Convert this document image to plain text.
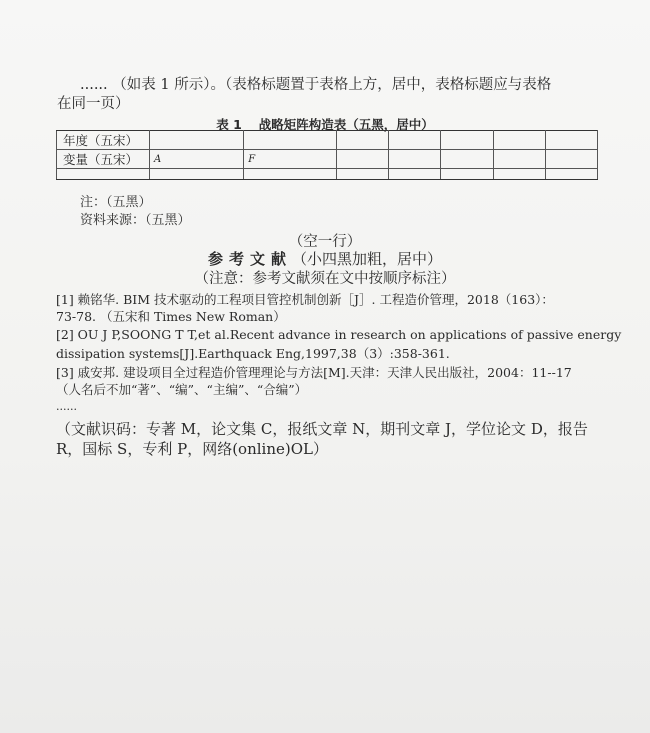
...... （如表 1 所示）。（表格标题置于表格上方，居中，表格标题应与表格
在同一页）
表 1　 战略矩阵构造表（五黑，居中）
年度（五宋）							
变量（五宋）	A	F					

注：（五黑）
资料来源：（五黑）
（空一行）
参考文献（小四黑加粗，居中）
（注意：参考文献须在文中按顺序标注）
[1] 赖铭华. BIM 技术驱动的工程项目管控机制创新［J］. 工程造价管理，2018（163）：
73-78. （五宋和 Times New Roman）
[2] OU J P,SOONG T T,et al.Recent advance in research on applications of passive energy
dissipation systems[J].Earthquack Eng,1997,38（3）:358-361.
[3] 戚安邦. 建设项目全过程造价管理理论与方法[M].天津：天津人民出版社，2004：11--17
（人名后不加“著”、“编”、“主编”、“合编”）
......
（文献识码：专著 M，论文集 C，报纸文章 N，期刊文章 J，学位论文 D，报告
R，国标 S，专利 P，网络(online)OL）
